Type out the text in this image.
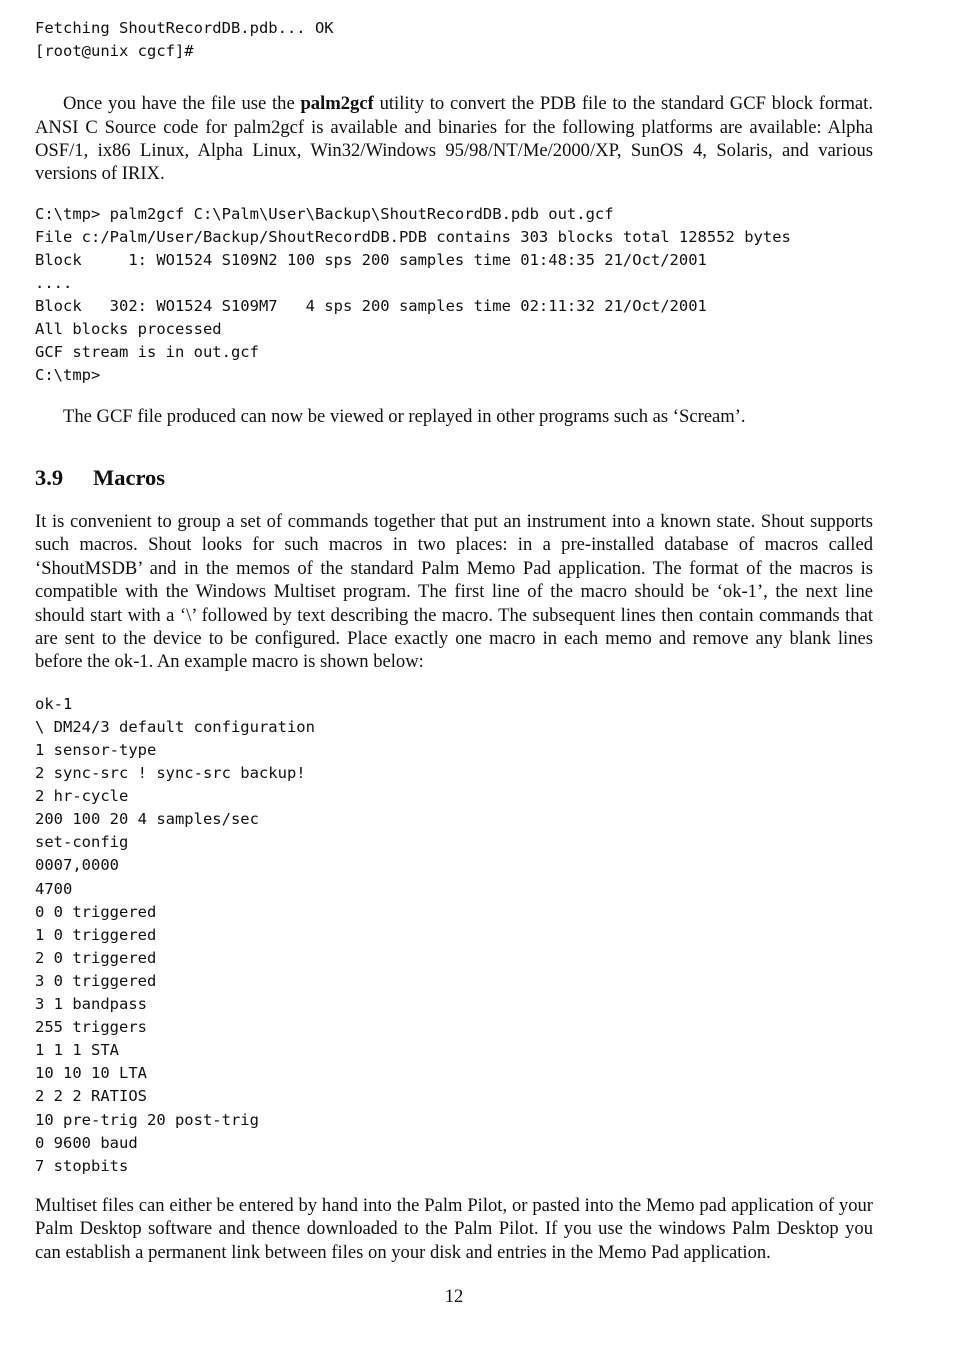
Fetching ShoutRecordDB.pdb... OK
[root@unix cgcf]#

Once you have the file use the palm2gcf utility to convert the PDB file to the standard GCF block format. ANSI C Source code for palm2gcf is available and binaries for the following platforms are available: Alpha OSF/1, ix86 Linux, Alpha Linux, Win32/Windows 95/98/NT/Me/2000/XP, SunOS 4, Solaris, and various versions of IRIX.

C:\tmp> palm2gcf C:\Palm\User\Backup\ShoutRecordDB.pdb out.gcf
File c:/Palm/User/Backup/ShoutRecordDB.PDB contains 303 blocks total 128552 bytes
Block     1: WO1524 S109N2 100 sps 200 samples time 01:48:35 21/Oct/2001
....
Block   302: WO1524 S109M7   4 sps 200 samples time 02:11:32 21/Oct/2001
All blocks processed
GCF stream is in out.gcf
C:\tmp>

The GCF file produced can now be viewed or replayed in other programs such as ‘Scream’.

3.9 Macros

It is convenient to group a set of commands together that put an instrument into a known state. Shout supports such macros. Shout looks for such macros in two places: in a pre-installed database of macros called ‘ShoutMSDB’ and in the memos of the standard Palm Memo Pad application. The format of the macros is compatible with the Windows Multiset program. The first line of the macro should be ‘ok-1’, the next line should start with a ‘\’ followed by text describing the macro. The subsequent lines then contain commands that are sent to the device to be configured. Place exactly one macro in each memo and remove any blank lines before the ok-1. An example macro is shown below:

ok-1
\ DM24/3 default configuration
1 sensor-type
2 sync-src ! sync-src backup!
2 hr-cycle
200 100 20 4 samples/sec
set-config
0007,0000
4700
0 0 triggered
1 0 triggered
2 0 triggered
3 0 triggered
3 1 bandpass
255 triggers
1 1 1 STA
10 10 10 LTA
2 2 2 RATIOS
10 pre-trig 20 post-trig
0 9600 baud
7 stopbits

Multiset files can either be entered by hand into the Palm Pilot, or pasted into the Memo pad application of your Palm Desktop software and thence downloaded to the Palm Pilot. If you use the windows Palm Desktop you can establish a permanent link between files on your disk and entries in the Memo Pad application.

12
